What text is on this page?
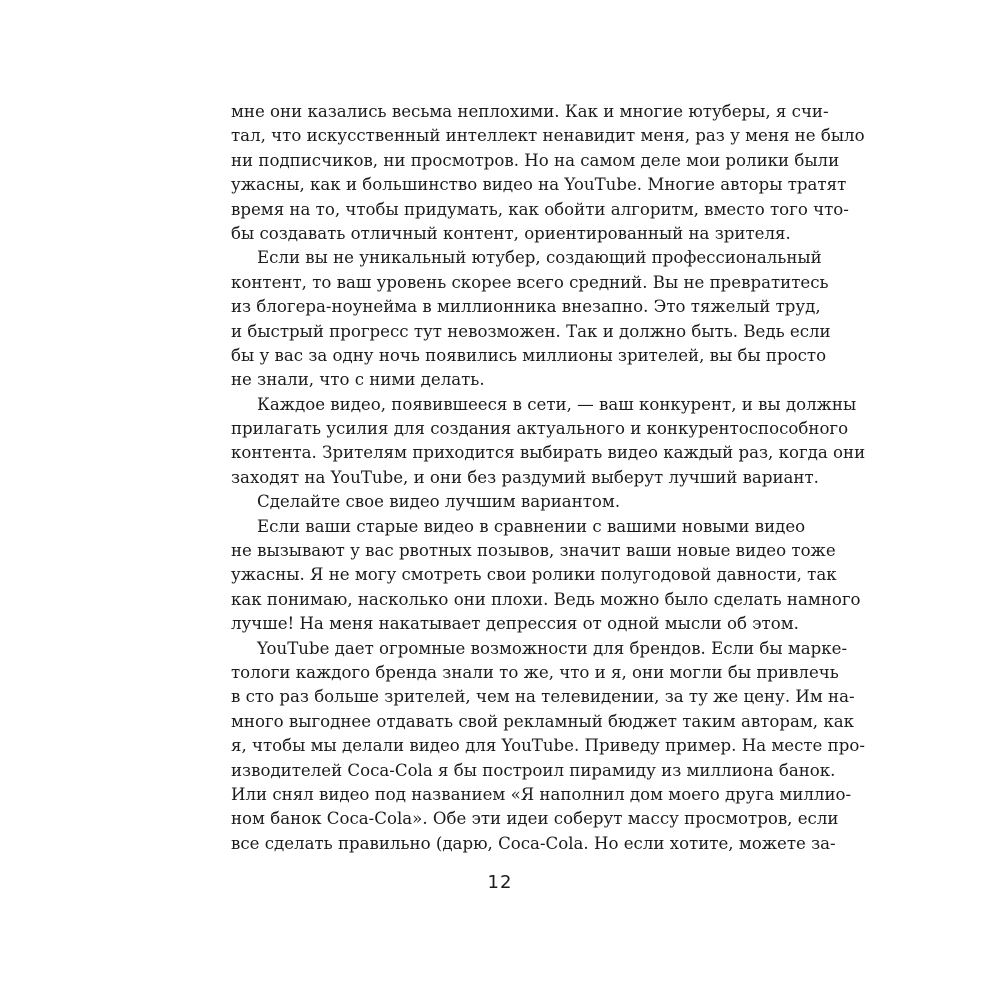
мне они казались весьма неплохими. Как и многие ютуберы, я счи-
тал, что искусственный интеллект ненавидит меня, раз у меня не было
ни подписчиков, ни просмотров. Но на самом деле мои ролики были
ужасны, как и большинство видео на YouTube. Многие авторы тратят
время на то, чтобы придумать, как обойти алгоритм, вместо того что-
бы создавать отличный контент, ориентированный на зрителя.
Если вы не уникальный ютубер, создающий профессиональный
контент, то ваш уровень скорее всего средний. Вы не превратитесь
из блогера-ноунейма в миллионника внезапно. Это тяжелый труд,
и быстрый прогресс тут невозможен. Так и должно быть. Ведь если
бы у вас за одну ночь появились миллионы зрителей, вы бы просто
не знали, что с ними делать.
Каждое видео, появившееся в сети, — ваш конкурент, и вы должны
прилагать усилия для создания актуального и конкурентоспособного
контента. Зрителям приходится выбирать видео каждый раз, когда они
заходят на YouTube, и они без раздумий выберут лучший вариант.
Сделайте свое видео лучшим вариантом.
Если ваши старые видео в сравнении с вашими новыми видео
не вызывают у вас рвотных позывов, значит ваши новые видео тоже
ужасны. Я не могу смотреть свои ролики полугодовой давности, так
как понимаю, насколько они плохи. Ведь можно было сделать намного
лучше! На меня накатывает депрессия от одной мысли об этом.
YouTube дает огромные возможности для брендов. Если бы марке-
тологи каждого бренда знали то же, что и я, они могли бы привлечь
в сто раз больше зрителей, чем на телевидении, за ту же цену. Им на-
много выгоднее отдавать свой рекламный бюджет таким авторам, как
я, чтобы мы делали видео для YouTube. Приведу пример. На месте про-
изводителей Coca-Cola я бы построил пирамиду из миллиона банок.
Или снял видео под названием «Я наполнил дом моего друга миллио-
ном банок Coca-Cola». Обе эти идеи соберут массу просмотров, если
все сделать правильно (дарю, Coca-Cola. Но если хотите, можете за-
12
